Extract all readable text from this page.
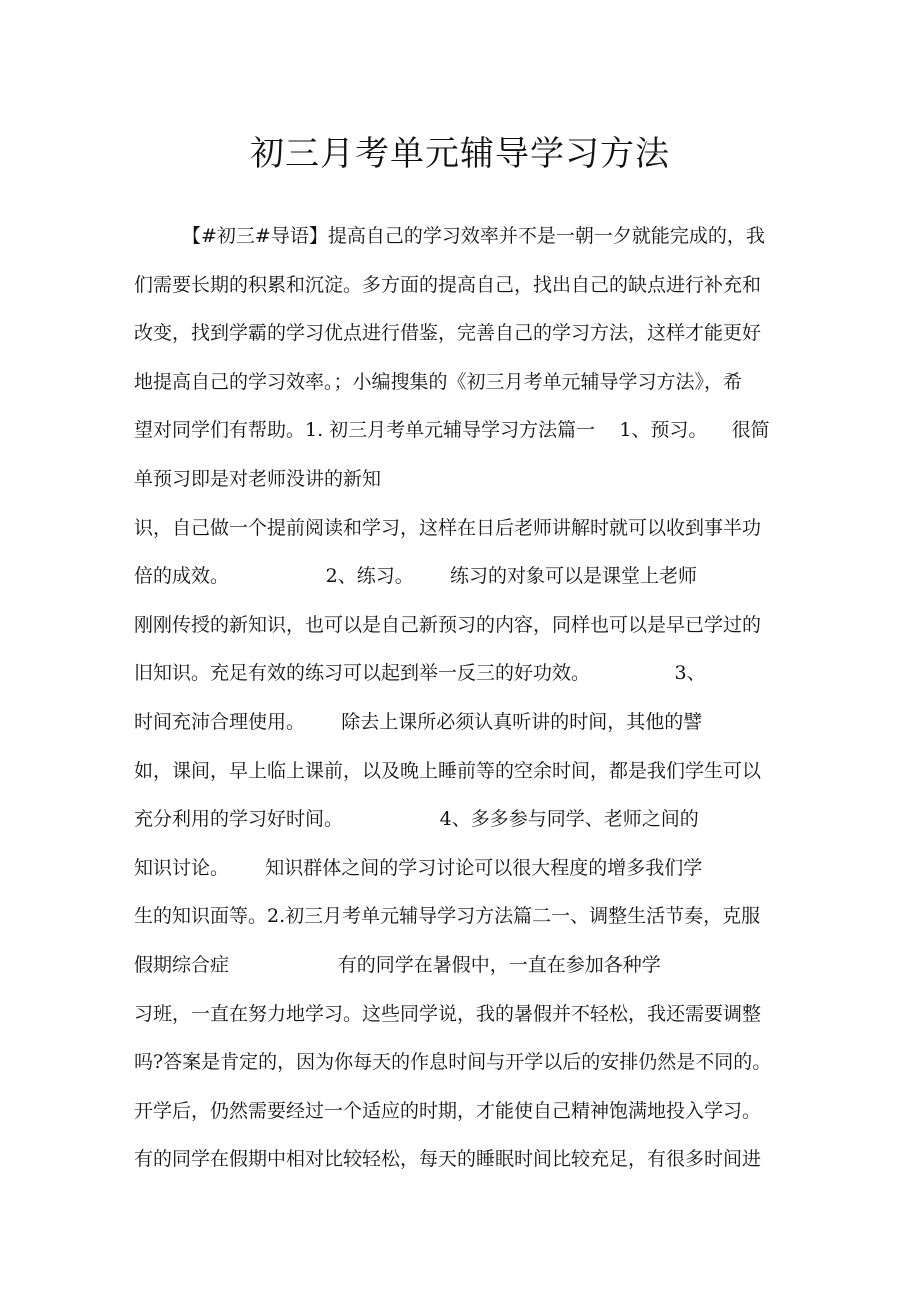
初三月考单元辅导学习方法
【#初三#导语】提高自己的学习效率并不是一朝一夕就能完成的，我
们需要长期的积累和沉淀。多方面的提高自己，找出自己的缺点进行补充和
改变，找到学霸的学习优点进行借鉴，完善自己的学习方法，这样才能更好
地提高自己的学习效率。；小编搜集的《初三月考单元辅导学习方法》，希
望对同学们有帮助。1. 初三月考单元辅导学习方法篇一    1、预习。    很简
单预习即是对老师没讲的新知
识，自己做一个提前阅读和学习，这样在日后老师讲解时就可以收到事半功
倍的成效。                2、练习。      练习的对象可以是课堂上老师
刚刚传授的新知识，也可以是自己新预习的内容，同样也可以是早已学过的
旧知识。充足有效的练习可以起到举一反三的好功效。              3、
时间充沛合理使用。      除去上课所必须认真听讲的时间，其他的譬
如，课间，早上临上课前，以及晚上睡前等的空余时间，都是我们学生可以
充分利用的学习好时间。                4、多多参与同学、老师之间的
知识讨论。      知识群体之间的学习讨论可以很大程度的增多我们学
生的知识面等。2.初三月考单元辅导学习方法篇二一、调整生活节奏，克服
假期综合症                  有的同学在暑假中，一直在参加各种学
习班，一直在努力地学习。这些同学说，我的暑假并不轻松，我还需要调整
吗?答案是肯定的，因为你每天的作息时间与开学以后的安排仍然是不同的。
开学后，仍然需要经过一个适应的时期，才能使自己精神饱满地投入学习。
有的同学在假期中相对比较轻松，每天的睡眠时间比较充足，有很多时间进
